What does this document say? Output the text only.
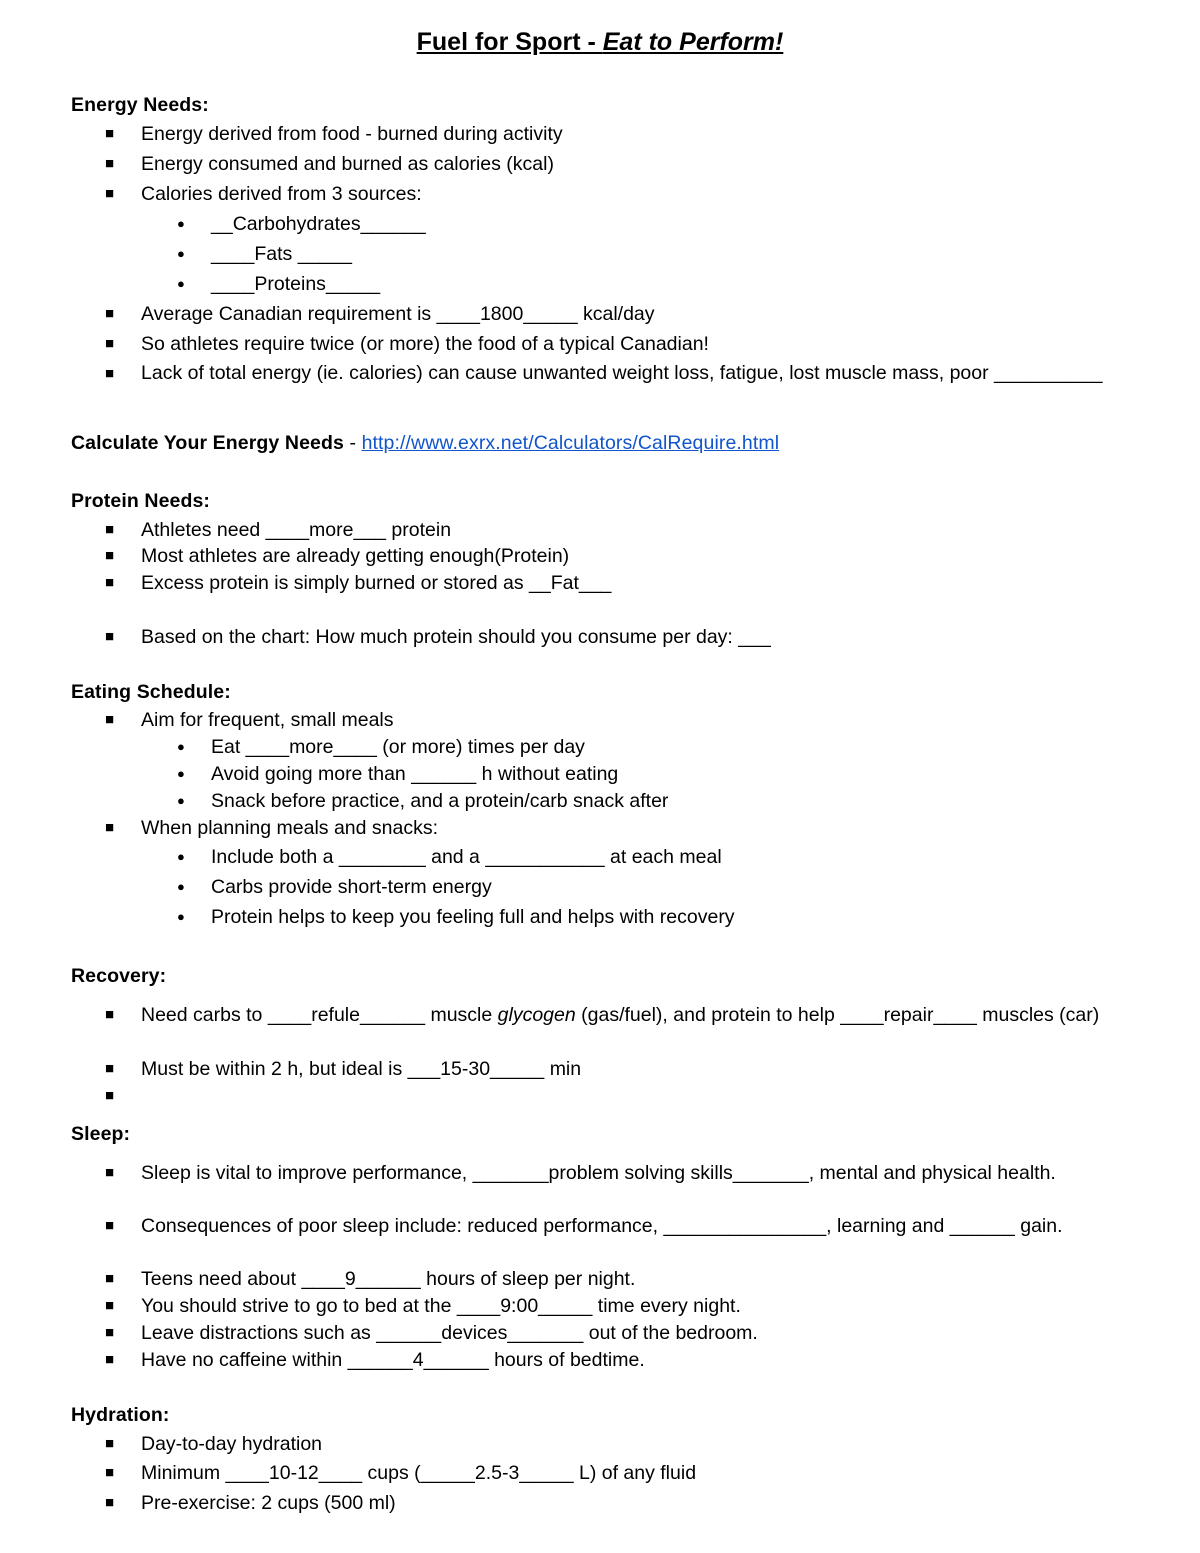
Fuel for Sport - Eat to Perform!
Energy Needs:
■ Energy derived from food - burned during activity
■ Energy consumed and burned as calories (kcal)
■ Calories derived from 3 sources:
● __Carbohydrates______
● ____Fats _____
● ____Proteins_____
■ Average Canadian requirement is ____1800_____ kcal/day
■ So athletes require twice (or more) the food of a typical Canadian!
■ Lack of total energy (ie. calories) can cause unwanted weight loss, fatigue, lost muscle mass, poor __________
Calculate Your Energy Needs - http://www.exrx.net/Calculators/CalRequire.html
Protein Needs:
■ Athletes need ____more___ protein
■ Most athletes are already getting enough(Protein)
■ Excess protein is simply burned or stored as __Fat___
■ Based on the chart: How much protein should you consume per day: ___
Eating Schedule:
■ Aim for frequent, small meals
● Eat ____more____ (or more) times per day
● Avoid going more than ______ h without eating
● Snack before practice, and a protein/carb snack after
■ When planning meals and snacks:
● Include both a ________ and a ___________ at each meal
● Carbs provide short-term energy
● Protein helps to keep you feeling full and helps with recovery
Recovery:
■ Need carbs to ____refule______ muscle glycogen (gas/fuel), and protein to help ____repair____ muscles (car)
■ Must be within 2 h, but ideal is ___15-30_____ min
■
Sleep:
■ Sleep is vital to improve performance, _______problem solving skills_______, mental and physical health.
■ Consequences of poor sleep include: reduced performance, _______________, learning and ______ gain.
■ Teens need about ____9______ hours of sleep per night.
■ You should strive to go to bed at the ____9:00_____ time every night.
■ Leave distractions such as ______devices_______ out of the bedroom.
■ Have no caffeine within ______4______ hours of bedtime.
Hydration:
■ Day-to-day hydration
■ Minimum ____10-12____ cups (_____2.5-3_____ L) of any fluid
■ Pre-exercise: 2 cups (500 ml)
